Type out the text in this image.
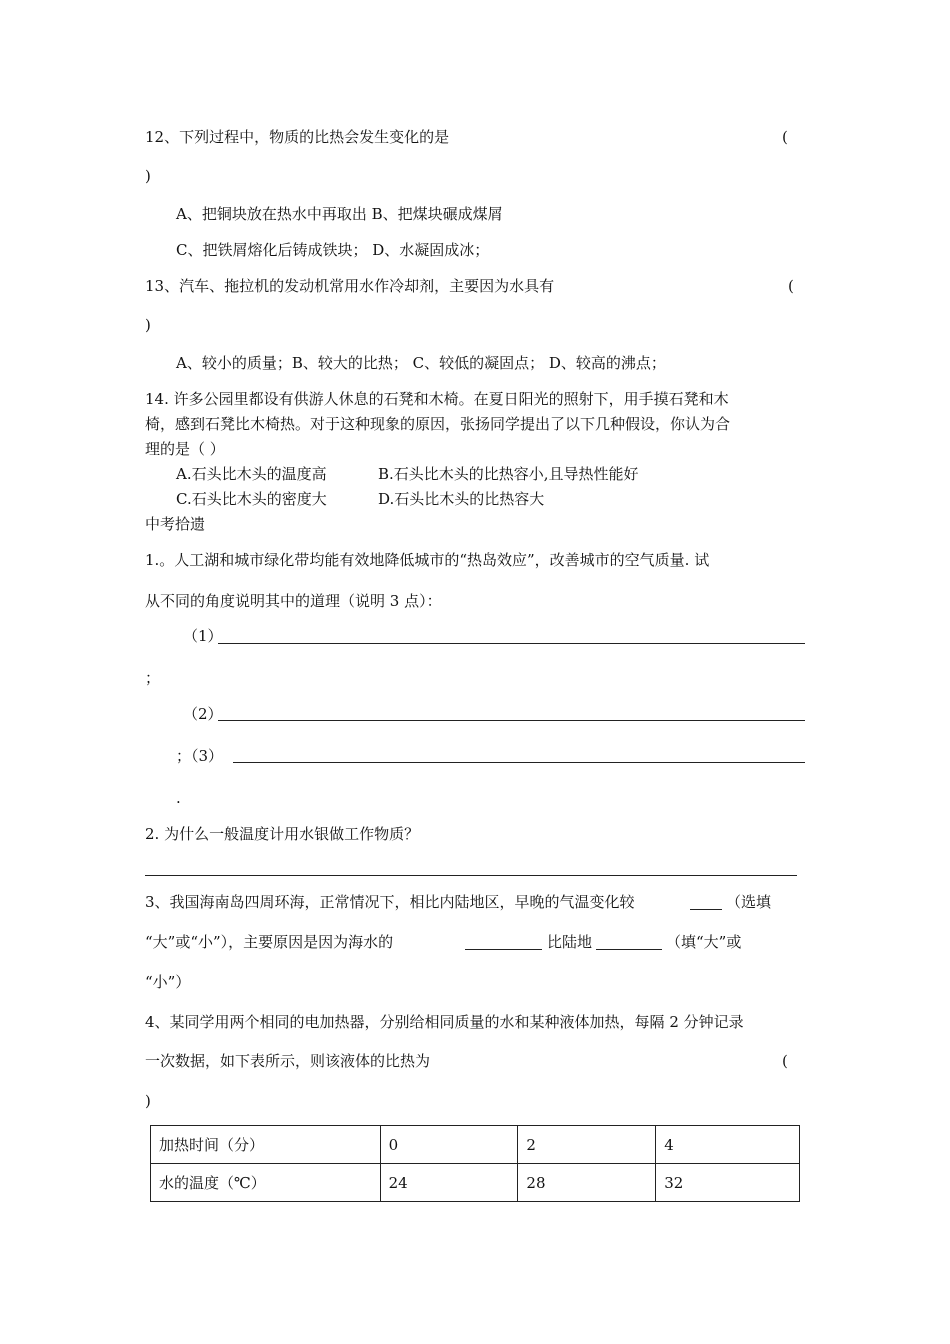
12、下列过程中，物质的比热会发生变化的是	(
)
A、把铜块放在热水中再取出 B、把煤块碾成煤屑
C、把铁屑熔化后铸成铁块； D、水凝固成冰；
13、汽车、拖拉机的发动机常用水作冷却剂，主要因为水具有	(
)
A、较小的质量；B、较大的比热； C、较低的凝固点； D、较高的沸点；
14. 许多公园里都设有供游人休息的石凳和木椅。在夏日阳光的照射下，用手摸石凳和木
椅，感到石凳比木椅热。对于这种现象的原因，张扬同学提出了以下几种假设，你认为合
理的是（ ）
A.石头比木头的温度高	B.石头比木头的比热容小,且导热性能好
C.石头比木头的密度大	D.石头比木头的比热容大
中考拾遗
1.。人工湖和城市绿化带均能有效地降低城市的“热岛效应”，改善城市的空气质量. 试
从不同的角度说明其中的道理（说明 3 点）：
（1）
；
（2）
；（3）
.
2. 为什么一般温度计用水银做工作物质？
3、我国海南岛四周环海，正常情况下，相比内陆地区，早晚的气温变化较	（选填
“大”或“小”），主要原因是因为海水的	比陆地	（填“大”或
“小”）
4、某同学用两个相同的电加热器，分别给相同质量的水和某种液体加热，每隔 2 分钟记录
一次数据，如下表所示，则该液体的比热为	(
)
加热时间（分）	0	2	4
水的温度（℃）	24	28	32
